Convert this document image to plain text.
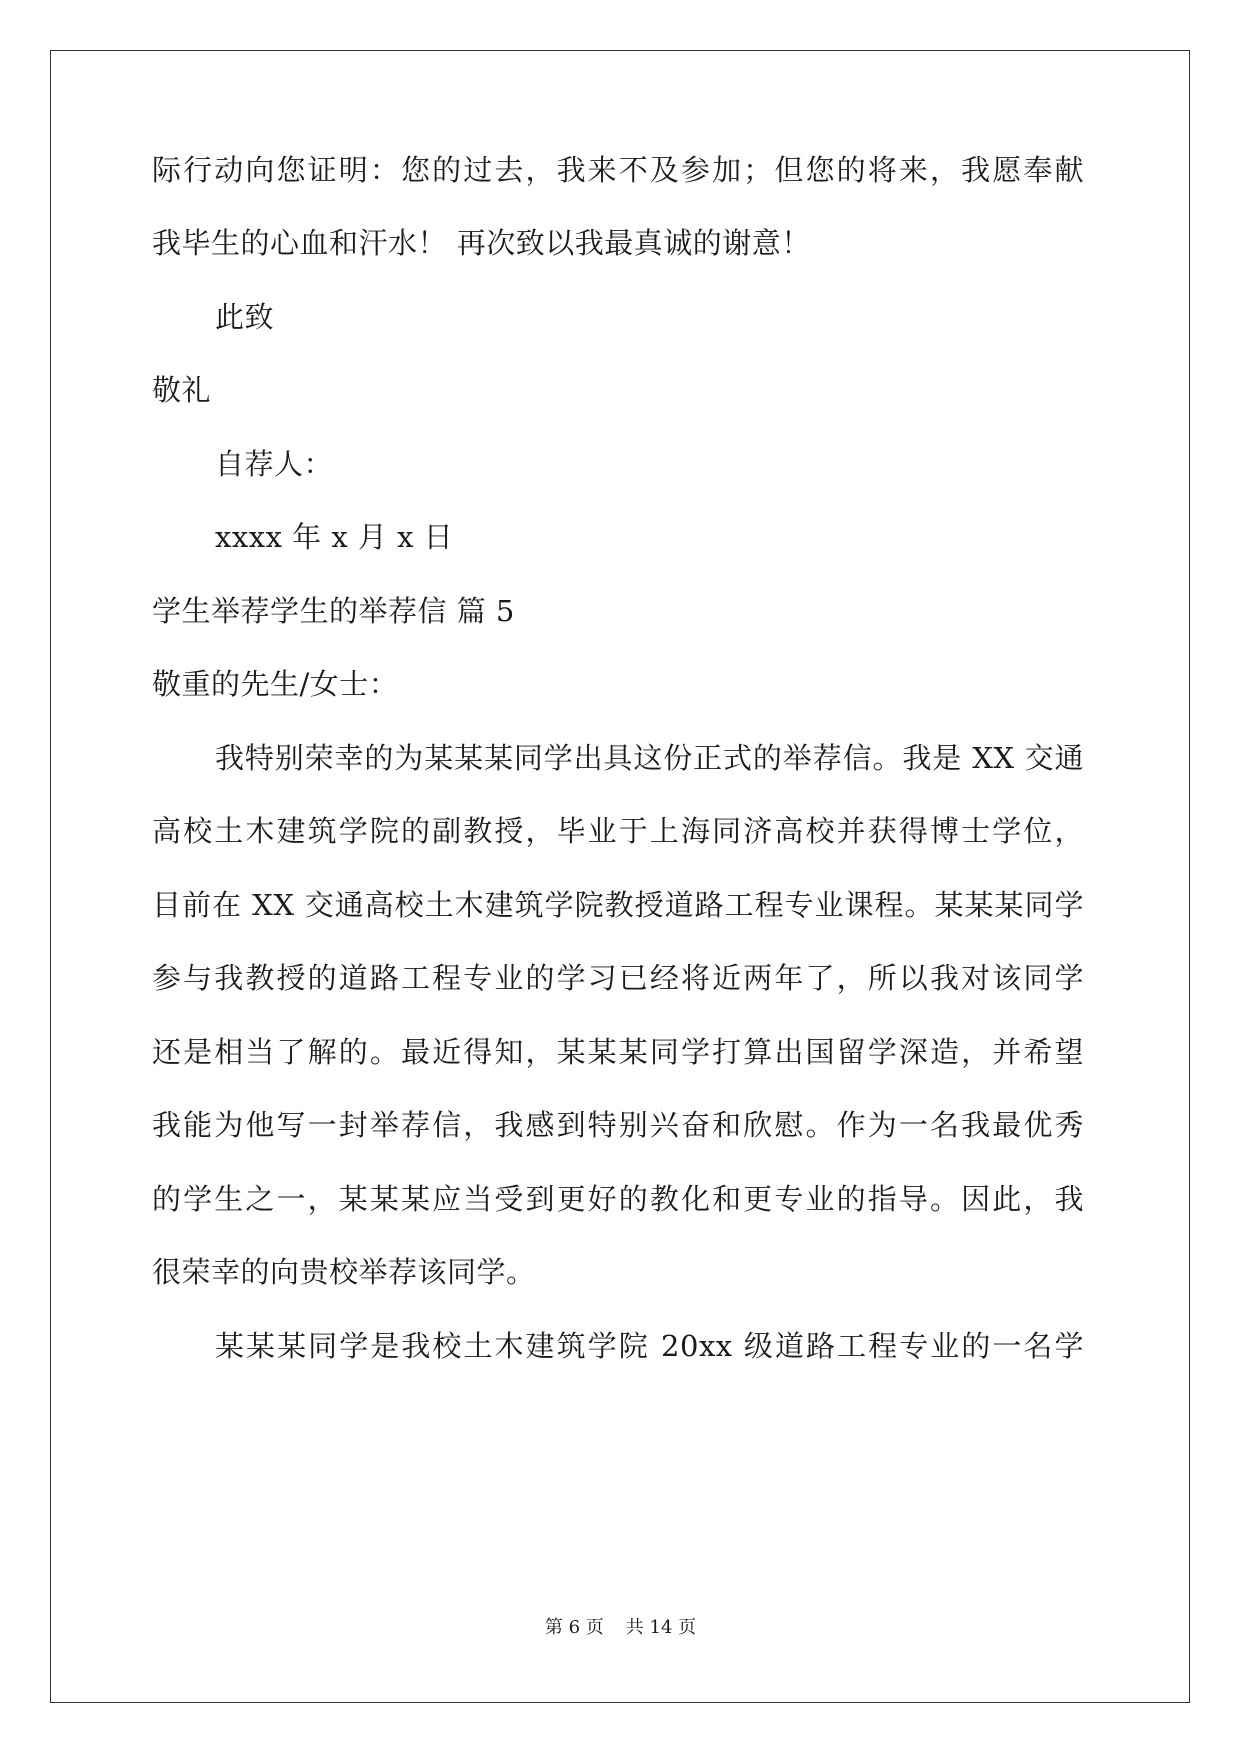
际行动向您证明：您的过去，我来不及参加；但您的将来，我愿奉献
我毕生的心血和汗水！ 再次致以我最真诚的谢意！
此致
敬礼
自荐人：
xxxx 年 x 月 x 日
学生举荐学生的举荐信 篇 5
敬重的先生/女士：
我特别荣幸的为某某某同学出具这份正式的举荐信。我是 XX 交通
高校土木建筑学院的副教授，毕业于上海同济高校并获得博士学位，
目前在 XX 交通高校土木建筑学院教授道路工程专业课程。某某某同学
参与我教授的道路工程专业的学习已经将近两年了，所以我对该同学
还是相当了解的。最近得知，某某某同学打算出国留学深造，并希望
我能为他写一封举荐信，我感到特别兴奋和欣慰。作为一名我最优秀
的学生之一，某某某应当受到更好的教化和更专业的指导。因此，我
很荣幸的向贵校举荐该同学。
某某某同学是我校土木建筑学院 20xx 级道路工程专业的一名学
第 6 页 共 14 页
